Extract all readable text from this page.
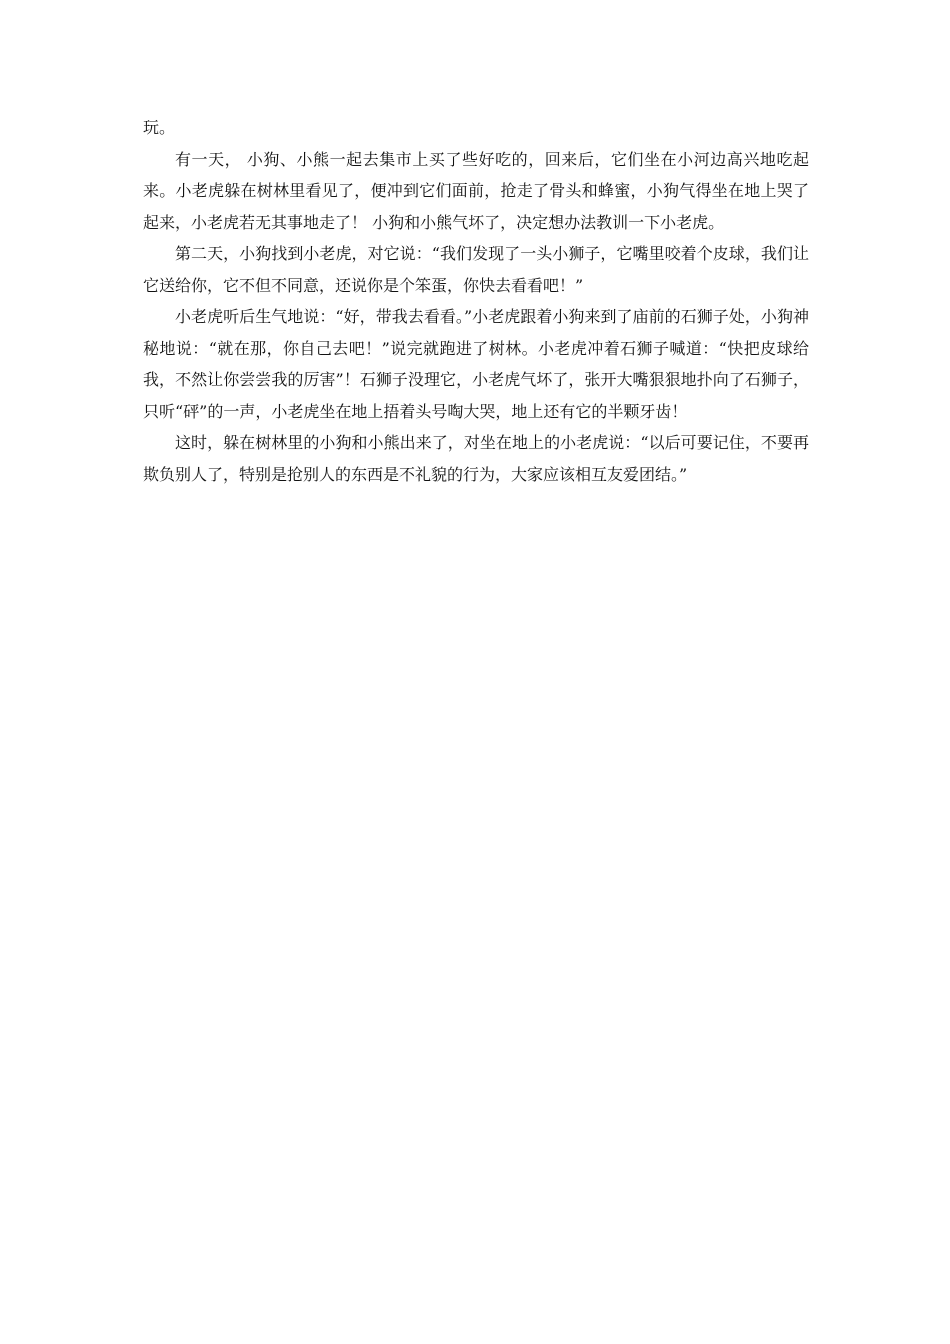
玩。

有一天， 小狗、小熊一起去集市上买了些好吃的，回来后，它们坐在小河边高兴地吃起来。小老虎躲在树林里看见了，便冲到它们面前，抢走了骨头和蜂蜜，小狗气得坐在地上哭了起来，小老虎若无其事地走了！ 小狗和小熊气坏了，决定想办法教训一下小老虎。

第二天，小狗找到小老虎，对它说：“我们发现了一头小狮子，它嘴里咬着个皮球，我们让它送给你，它不但不同意，还说你是个笨蛋，你快去看看吧！”

小老虎听后生气地说：“好，带我去看看。”小老虎跟着小狗来到了庙前的石狮子处，小狗神秘地说：“就在那，你自己去吧！”说完就跑进了树林。小老虎冲着石狮子喊道：“快把皮球给我，不然让你尝尝我的厉害”！石狮子没理它，小老虎气坏了，张开大嘴狠狠地扑向了石狮子，只听“砰”的一声，小老虎坐在地上捂着头号啕大哭，地上还有它的半颗牙齿！

这时，躲在树林里的小狗和小熊出来了，对坐在地上的小老虎说：“以后可要记住，不要再欺负别人了，特别是抢别人的东西是不礼貌的行为，大家应该相互友爱团结。”
